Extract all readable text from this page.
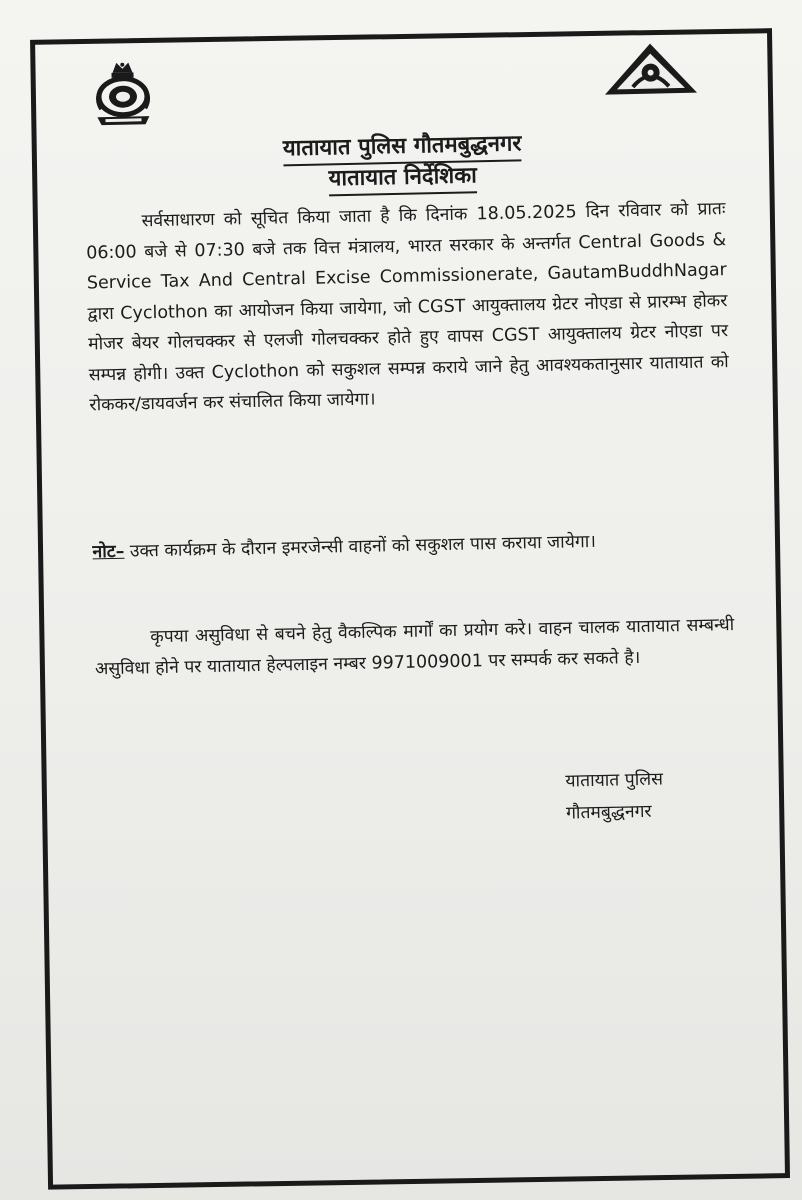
यातायात पुलिस गौतमबुद्धनगर
यातायात निर्देशिका

सर्वसाधारण को सूचित किया जाता है कि दिनांक 18.05.2025 दिन रविवार को प्रातः 06:00 बजे से 07:30 बजे तक वित्त मंत्रालय, भारत सरकार के अन्तर्गत Central Goods & Service Tax And Central Excise Commissionerate, GautamBuddhNagar द्वारा Cyclothon का आयोजन किया जायेगा, जो CGST आयुक्तालय ग्रेटर नोएडा से प्रारम्भ होकर मोजर बेयर गोलचक्कर से एलजी गोलचक्कर होते हुए वापस CGST आयुक्तालय ग्रेटर नोएडा पर सम्पन्न होगी। उक्त Cyclothon को सकुशल सम्पन्न कराये जाने हेतु आवश्यकतानुसार यातायात को रोककर/डायवर्जन कर संचालित किया जायेगा।

नोट– उक्त कार्यक्रम के दौरान इमरजेन्सी वाहनों को सकुशल पास कराया जायेगा।

कृपया असुविधा से बचने हेतु वैकल्पिक मार्गों का प्रयोग करे। वाहन चालक यातायात सम्बन्धी असुविधा होने पर यातायात हेल्पलाइन नम्बर 9971009001 पर सम्पर्क कर सकते है।

यातायात पुलिस
गौतमबुद्धनगर
